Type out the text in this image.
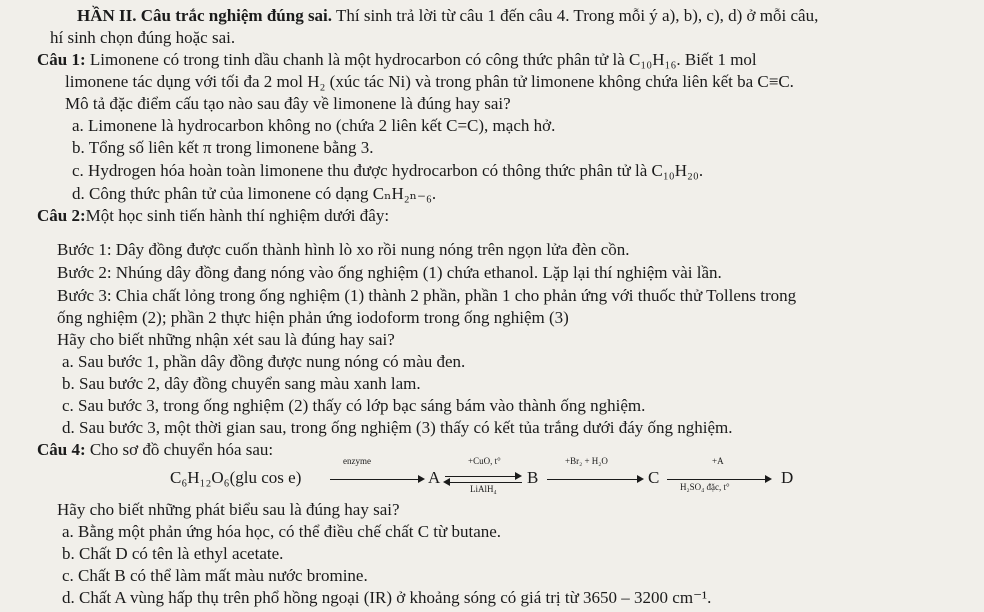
HẦN II. Câu trắc nghiệm đúng sai. Thí sinh trả lời từ câu 1 đến câu 4. Trong mỗi ý a), b), c), d) ở mỗi câu,
hí sinh chọn đúng hoặc sai.
Câu 1: Limonene có trong tinh dầu chanh là một hydrocarbon có công thức phân tử là C₁₀H₁₆. Biết 1 mol
limonene tác dụng với tối đa 2 mol H₂ (xúc tác Ni) và trong phân tử limonene không chứa liên kết ba C≡C.
Mô tả đặc điểm cấu tạo nào sau đây về limonene là đúng hay sai?
a. Limonene là hydrocarbon không no (chứa 2 liên kết C=C), mạch hở.
b. Tổng số liên kết π trong limonene bằng 3.
c. Hydrogen hóa hoàn toàn limonene thu được hydrocarbon có thông thức phân tử là C₁₀H₂₀.
d. Công thức phân tử của limonene có dạng CₙH₂ₙ₋₆.
Câu 2:Một học sinh tiến hành thí nghiệm dưới đây:
Bước 1: Dây đồng được cuốn thành hình lò xo rồi nung nóng trên ngọn lửa đèn cồn.
Bước 2: Nhúng dây đồng đang nóng vào ống nghiệm (1) chứa ethanol. Lặp lại thí nghiệm vài lần.
Bước 3: Chia chất lỏng trong ống nghiệm (1) thành 2 phần, phần 1 cho phản ứng với thuốc thử Tollens trong
ống nghiệm (2); phần 2 thực hiện phản ứng iodoform trong ống nghiệm (3)
Hãy cho biết những nhận xét sau là đúng hay sai?
a. Sau bước 1, phần dây đồng được nung nóng có màu đen.
b. Sau bước 2, dây đồng chuyển sang màu xanh lam.
c. Sau bước 3, trong ống nghiệm (2) thấy có lớp bạc sáng bám vào thành ống nghiệm.
d. Sau bước 3, một thời gian sau, trong ống nghiệm (3) thấy có kết tủa trắng dưới đáy ống nghiệm.
Câu 4: Cho sơ đồ chuyển hóa sau:
C₆H₁₂O₆(glu cos e)
enzyme
A
+CuO, t°
LiAlH₄
B
+Br₂ + H₂O
C
+A
H₂SO₄ đặc, t°	D
Hãy cho biết những phát biểu sau là đúng hay sai?
a. Bằng một phản ứng hóa học, có thể điều chế chất C từ butane.
b. Chất D có tên là ethyl acetate.
c. Chất B có thể làm mất màu nước bromine.
d. Chất A vùng hấp thụ trên phổ hồng ngoại (IR) ở khoảng sóng có giá trị từ 3650 – 3200 cm⁻¹.
